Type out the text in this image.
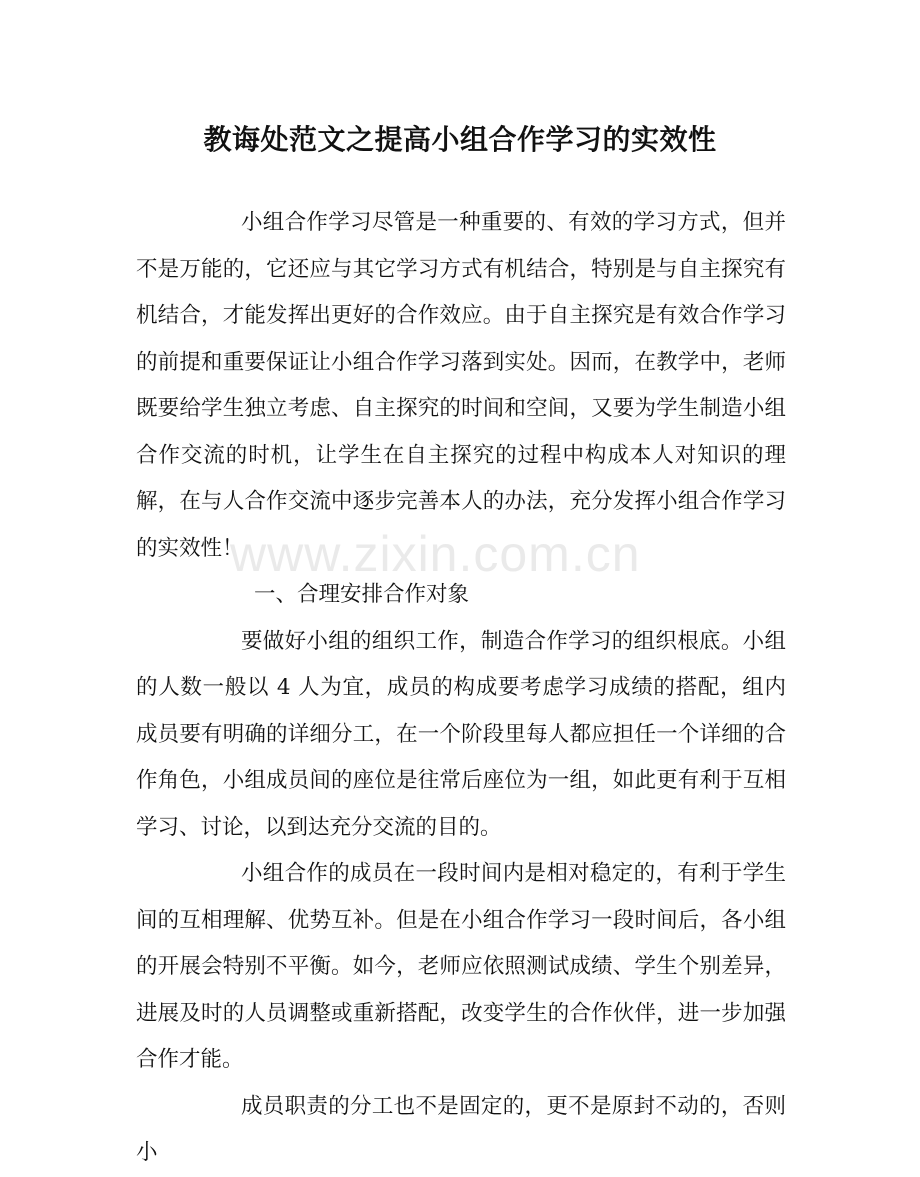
教诲处范文之提高小组合作学习的实效性

小组合作学习尽管是一种重要的、有效的学习方式，但并不是万能的，它还应与其它学习方式有机结合，特别是与自主探究有机结合，才能发挥出更好的合作效应。由于自主探究是有效合作学习的前提和重要保证让小组合作学习落到实处。因而，在教学中，老师既要给学生独立考虑、自主探究的时间和空间，又要为学生制造小组合作交流的时机，让学生在自主探究的过程中构成本人对知识的理解，在与人合作交流中逐步完善本人的办法，充分发挥小组合作学习的实效性！

一、合理安排合作对象

要做好小组的组织工作，制造合作学习的组织根底。小组的人数一般以 4 人为宜，成员的构成要考虑学习成绩的搭配，组内成员要有明确的详细分工，在一个阶段里每人都应担任一个详细的合作角色，小组成员间的座位是往常后座位为一组，如此更有利于互相学习、讨论，以到达充分交流的目的。

小组合作的成员在一段时间内是相对稳定的，有利于学生间的互相理解、优势互补。但是在小组合作学习一段时间后，各小组的开展会特别不平衡。如今，老师应依照测试成绩、学生个别差异，进展及时的人员调整或重新搭配，改变学生的合作伙伴，进一步加强合作才能。

成员职责的分工也不是固定的，更不是原封不动的，否则小

www.zixin.com.cn
